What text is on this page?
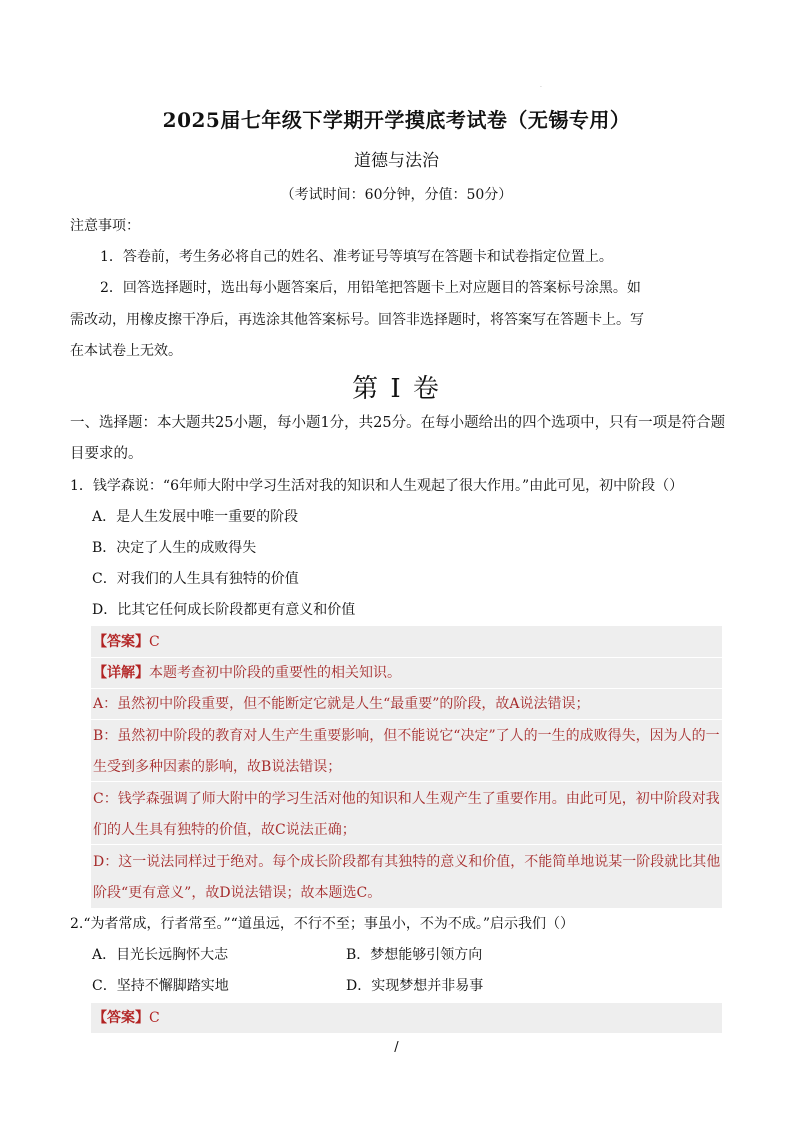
·
2025届七年级下学期开学摸底考试卷（无锡专用）
道德与法治
（考试时间：60分钟，分值：50分）
注意事项：
1．答卷前，考生务必将自己的姓名、准考证号等填写在答题卡和试卷指定位置上。
2．回答选择题时，选出每小题答案后，用铅笔把答题卡上对应题目的答案标号涂黑。如
需改动，用橡皮擦干净后，再选涂其他答案标号。回答非选择题时，将答案写在答题卡上。写
在本试卷上无效。
第 I 卷
一、选择题：本大题共25小题，每小题1分，共25分。在每小题给出的四个选项中，只有一项是符合题
目要求的。
1．钱学森说：“6年师大附中学习生活对我的知识和人生观起了很大作用。”由此可见，初中阶段（）
A．是人生发展中唯一重要的阶段
B．决定了人生的成败得失
C．对我们的人生具有独特的价值
D．比其它任何成长阶段都更有意义和价值
【答案】C
【详解】本题考查初中阶段的重要性的相关知识。
A：虽然初中阶段重要，但不能断定它就是人生“最重要”的阶段，故A说法错误；
B：虽然初中阶段的教育对人生产生重要影响，但不能说它“决定”了人的一生的成败得失，因为人的一
生受到多种因素的影响，故B说法错误；
C：钱学森强调了师大附中的学习生活对他的知识和人生观产生了重要作用。由此可见，初中阶段对我
们的人生具有独特的价值，故C说法正确；
D：这一说法同样过于绝对。每个成长阶段都有其独特的意义和价值，不能简单地说某一阶段就比其他
阶段“更有意义”，故D说法错误；故本题选C。
2.“为者常成，行者常至。”“道虽远，不行不至；事虽小，不为不成。”启示我们（）
A．目光长远胸怀大志	B．梦想能够引领方向
C．坚持不懈脚踏实地	D．实现梦想并非易事
【答案】C
/
